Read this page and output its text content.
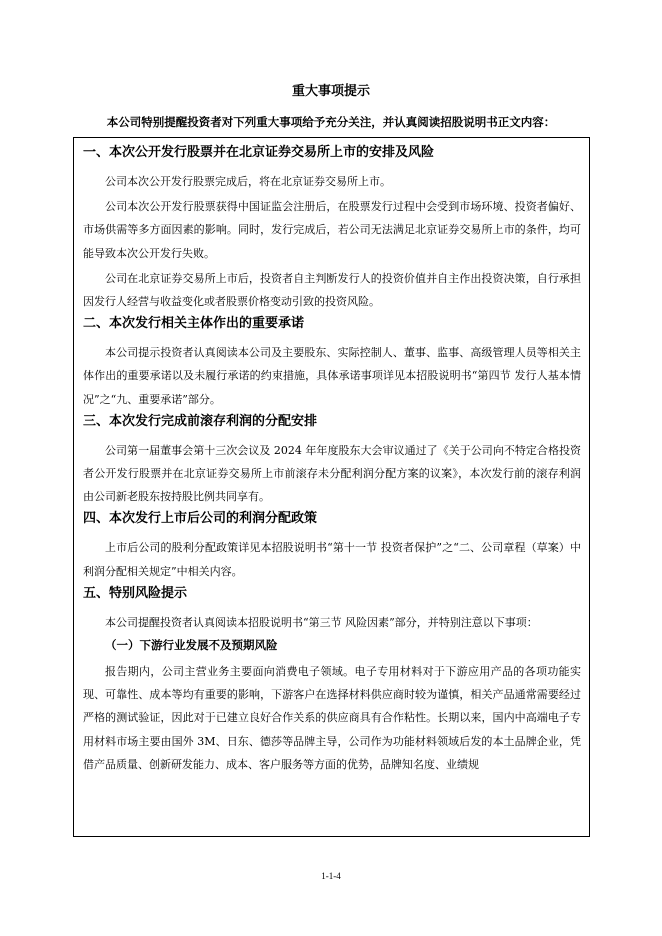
重大事项提示
本公司特别提醒投资者对下列重大事项给予充分关注，并认真阅读招股说明书正文内容：
一、本次公开发行股票并在北京证券交易所上市的安排及风险

公司本次公开发行股票完成后，将在北京证券交易所上市。

公司本次公开发行股票获得中国证监会注册后，在股票发行过程中会受到市场环境、投资者偏好、市场供需等多方面因素的影响。同时，发行完成后，若公司无法满足北京证券交易所上市的条件，均可能导致本次公开发行失败。

公司在北京证券交易所上市后，投资者自主判断发行人的投资价值并自主作出投资决策，自行承担因发行人经营与收益变化或者股票价格变动引致的投资风险。

二、本次发行相关主体作出的重要承诺

本公司提示投资者认真阅读本公司及主要股东、实际控制人、董事、监事、高级管理人员等相关主体作出的重要承诺以及未履行承诺的约束措施，具体承诺事项详见本招股说明书“第四节 发行人基本情况”之“九、重要承诺”部分。

三、本次发行完成前滚存利润的分配安排

公司第一届董事会第十三次会议及 2024 年年度股东大会审议通过了《关于公司向不特定合格投资者公开发行股票并在北京证券交易所上市前滚存未分配利润分配方案的议案》，本次发行前的滚存利润由公司新老股东按持股比例共同享有。

四、本次发行上市后公司的利润分配政策

上市后公司的股利分配政策详见本招股说明书“第十一节 投资者保护”之“二、公司章程（草案）中利润分配相关规定”中相关内容。

五、特别风险提示

本公司提醒投资者认真阅读本招股说明书“第三节 风险因素”部分，并特别注意以下事项：

（一）下游行业发展不及预期风险

报告期内，公司主营业务主要面向消费电子领域。电子专用材料对于下游应用产品的各项功能实现、可靠性、成本等均有重要的影响，下游客户在选择材料供应商时较为谨慎，相关产品通常需要经过严格的测试验证，因此对于已建立良好合作关系的供应商具有合作粘性。长期以来，国内中高端电子专用材料市场主要由国外 3M、日东、德莎等品牌主导，公司作为功能材料领域后发的本土品牌企业，凭借产品质量、创新研发能力、成本、客户服务等方面的优势，品牌知名度、业绩规

1-1-4
